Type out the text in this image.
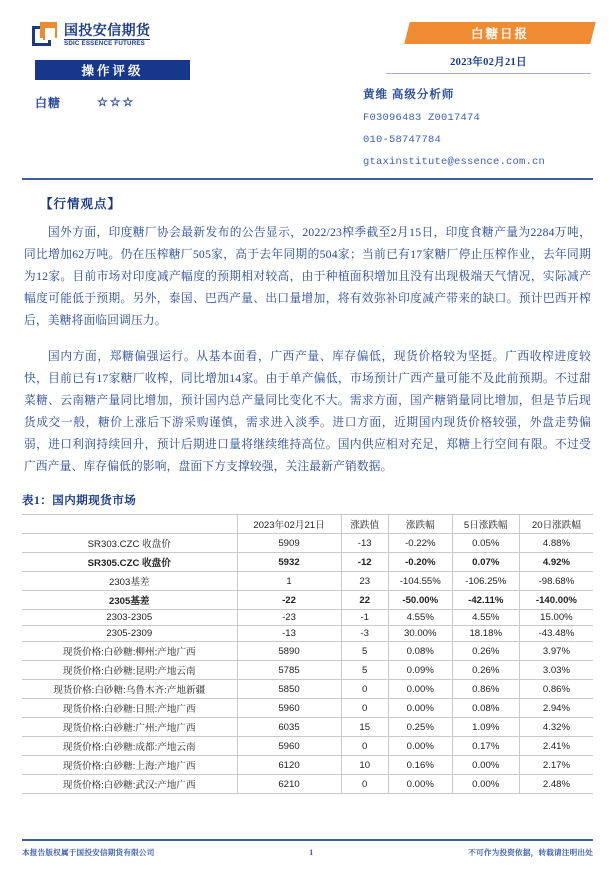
国投安信期货
SDIC ESSENCE FUTURES
操作评级
白糖	☆☆☆
白糖日报
2023年02月21日
黄维 高级分析师
F03096483 Z0017474
010-58747784
gtaxinstitute@essence.com.cn
【行情观点】

国外方面，印度糖厂协会最新发布的公告显示，2022/23榨季截至2月15日，印度食糖产量为2284万吨，同比增加62万吨。仍在压榨糖厂505家，高于去年同期的504家；当前已有17家糖厂停止压榨作业，去年同期为12家。目前市场对印度减产幅度的预期相对较高，由于种植面积增加且没有出现极端天气情况，实际减产幅度可能低于预期。另外，泰国、巴西产量、出口量增加，将有效弥补印度减产带来的缺口。预计巴西开榨后，美糖将面临回调压力。

国内方面，郑糖偏强运行。从基本面看，广西产量、库存偏低，现货价格较为坚挺。广西收榨进度较快，目前已有17家糖厂收榨，同比增加14家。由于单产偏低，市场预计广西产量可能不及此前预期。不过甜菜糖、云南糖产量同比增加，预计国内总产量同比变化不大。需求方面，国产糖销量同比增加，但是节后现货成交一般，糖价上涨后下游采购谨慎，需求进入淡季。进口方面，近期国内现货价格较强，外盘走势偏弱，进口利润持续回升，预计后期进口量将继续维持高位。国内供应相对充足，郑糖上行空间有限。不过受广西产量、库存偏低的影响，盘面下方支撑较强，关注最新产销数据。

表1：国内期现货市场
	2023年02月21日	涨跌值	涨跌幅	5日涨跌幅	20日涨跌幅
SR303.CZC 收盘价	5909	-13	-0.22%	0.05%	4.88%
SR305.CZC 收盘价	5932	-12	-0.20%	0.07%	4.92%
2303基差	1	23	-104.55%	-106.25%	-98.68%
2305基差	-22	22	-50.00%	-42.11%	-140.00%
2303-2305	-23	-1	4.55%	4.55%	15.00%
2305-2309	-13	-3	30.00%	18.18%	-43.48%
现货价格:白砂糖:柳州:产地广西	5890	5	0.08%	0.26%	3.97%
现货价格:白砂糖:昆明:产地云南	5785	5	0.09%	0.26%	3.03%
现货价格:白砂糖:乌鲁木齐:产地新疆	5850	0	0.00%	0.86%	0.86%
现货价格:白砂糖:日照:产地广西	5960	0	0.00%	0.08%	2.94%
现货价格:白砂糖:广州:产地广西	6035	15	0.25%	1.09%	4.32%
现货价格:白砂糖:成都:产地云南	5960	0	0.00%	0.17%	2.41%
现货价格:白砂糖:上海:产地广西	6120	10	0.16%	0.00%	2.17%
现货价格:白砂糖:武汉:产地广西	6210	0	0.00%	0.00%	2.48%
本报告版权属于国投安信期货有限公司	1	不可作为投资依据，转载请注明出处
